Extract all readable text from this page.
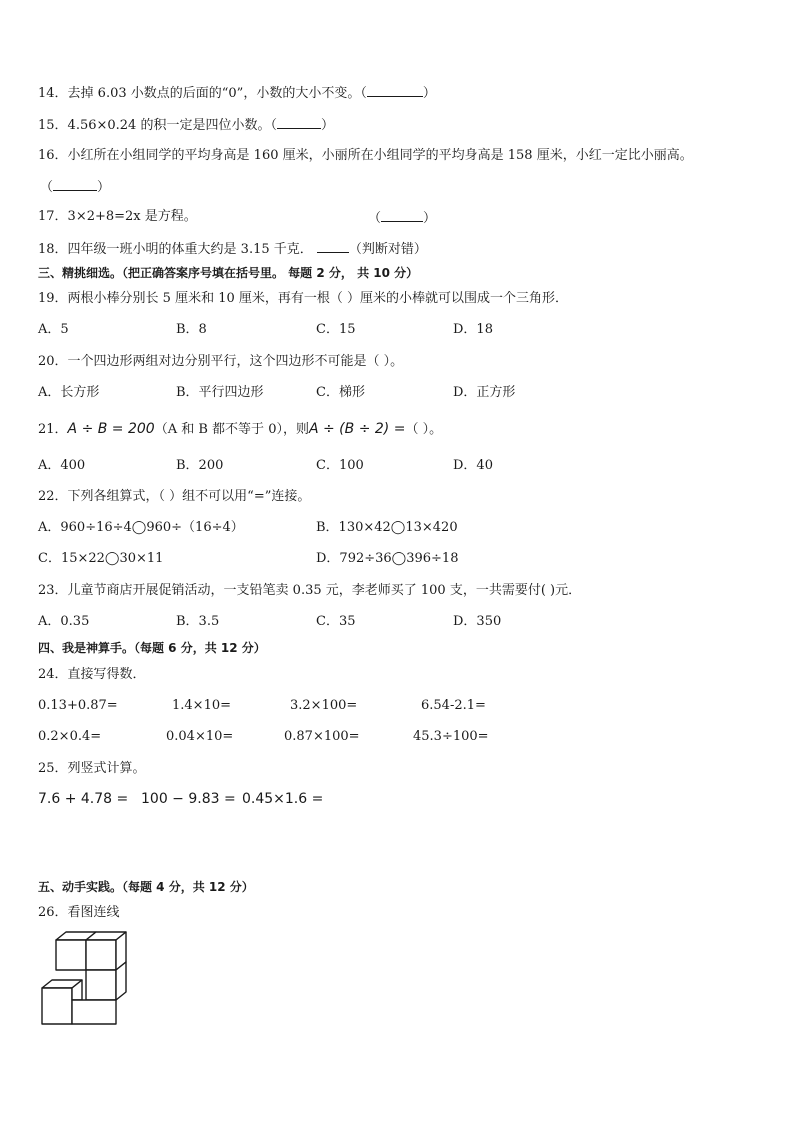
14．去掉 6.03 小数点的后面的“0”，小数的大小不变。（	）
15．4.56×0.24 的积一定是四位小数。（	）
16．小红所在小组同学的平均身高是 160 厘米，小丽所在小组同学的平均身高是 158 厘米，小红一定比小丽高。
（	）
17．3×2+8=2x 是方程。	（	）
18．四年级一班小明的体重大约是 3.15 千克．	（判断对错）
三、精挑细选。（把正确答案序号填在括号里。 每题 2 分， 共 10 分）
19．两根小棒分别长 5 厘米和 10 厘米，再有一根（ ）厘米的小棒就可以围成一个三角形．
A．5	B．8	C．15	D．18
20．一个四边形两组对边分别平行，这个四边形不可能是（ ）。
A．长方形	B．平行四边形	C．梯形	D．正方形
21．A ÷ B = 200（A 和 B 都不等于 0），则A ÷ (B ÷ 2) =（ ）。
A．400	B．200	C．100	D．40
22．下列各组算式，（ ）组不可以用“=”连接。
A．960÷16÷4◯960÷（16÷4）	B．130×42◯13×420
C．15×22◯30×11	D．792÷36◯396÷18
23．儿童节商店开展促销活动，一支铅笔卖 0.35 元，李老师买了 100 支，一共需要付( )元．
A．0.35	B．3.5	C．35	D．350
四、我是神算手。（每题 6 分，共 12 分）
24．直接写得数．
0.13+0.87=	1.4×10=	3.2×100=	6.54-2.1=
0.2×0.4=	0.04×10=	0.87×100=	45.3÷100=
25．列竖式计算。
7.6 + 4.78 = 100 − 9.83 = 0.45×1.6 =
五、动手实践。（每题 4 分，共 12 分）
26．看图连线
